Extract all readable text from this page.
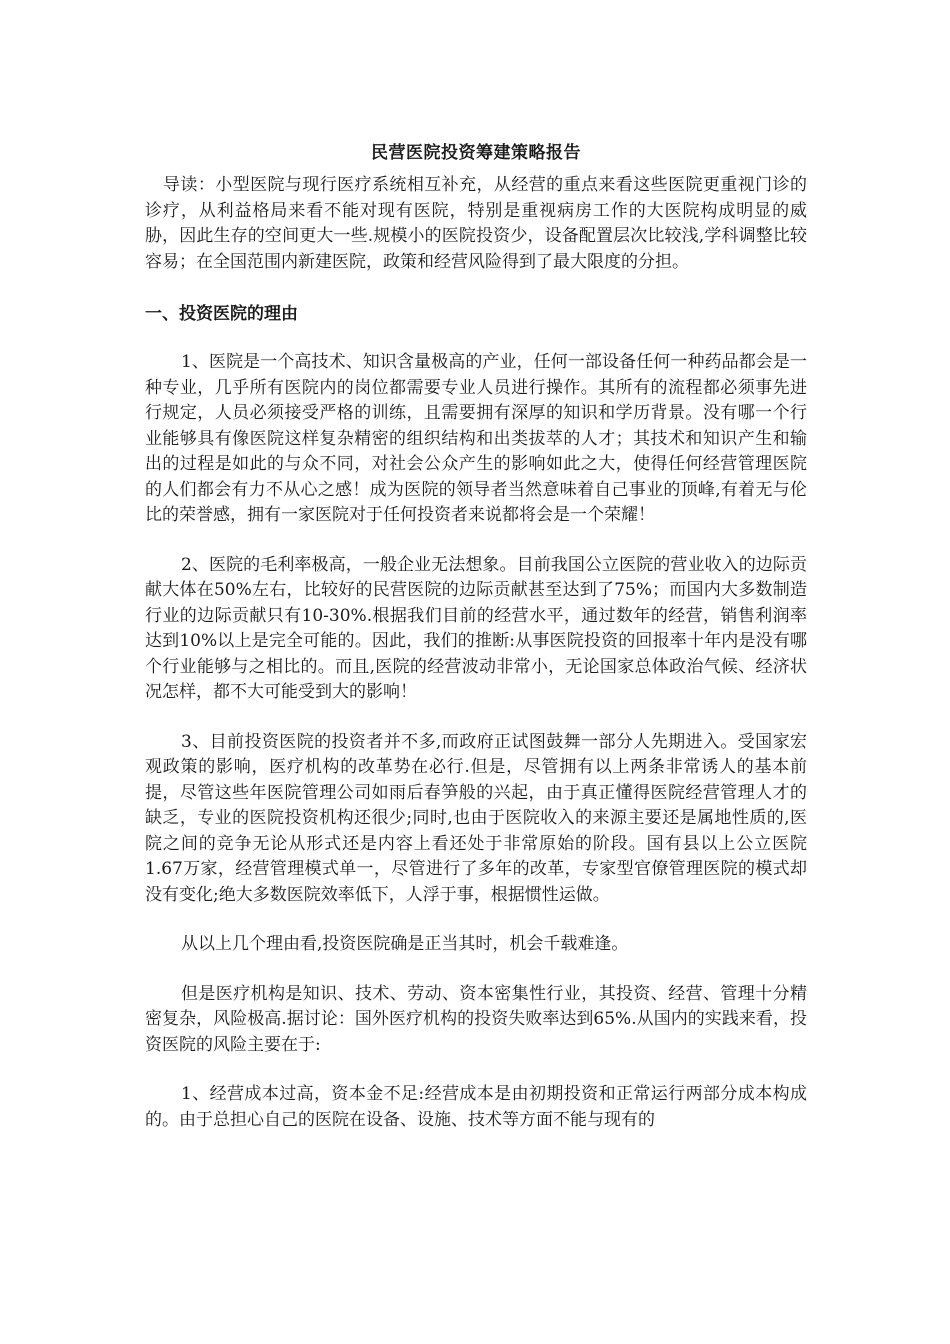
民营医院投资筹建策略报告

导读：小型医院与现行医疗系统相互补充，从经营的重点来看这些医院更重视门诊的诊疗，从利益格局来看不能对现有医院，特别是重视病房工作的大医院构成明显的威胁，因此生存的空间更大一些.规模小的医院投资少，设备配置层次比较浅,学科调整比较容易；在全国范围内新建医院，政策和经营风险得到了最大限度的分担。

一、投资医院的理由

1、医院是一个高技术、知识含量极高的产业，任何一部设备任何一种药品都会是一种专业，几乎所有医院内的岗位都需要专业人员进行操作。其所有的流程都必须事先进行规定，人员必须接受严格的训练，且需要拥有深厚的知识和学历背景。没有哪一个行业能够具有像医院这样复杂精密的组织结构和出类拔萃的人才；其技术和知识产生和输出的过程是如此的与众不同，对社会公众产生的影响如此之大，使得任何经营管理医院的人们都会有力不从心之感！成为医院的领导者当然意味着自己事业的顶峰,有着无与伦比的荣誉感，拥有一家医院对于任何投资者来说都将会是一个荣耀！

2、医院的毛利率极高，一般企业无法想象。目前我国公立医院的营业收入的边际贡献大体在50%左右，比较好的民营医院的边际贡献甚至达到了75%；而国内大多数制造行业的边际贡献只有10-30%.根据我们目前的经营水平，通过数年的经营，销售利润率达到10%以上是完全可能的。因此，我们的推断:从事医院投资的回报率十年内是没有哪个行业能够与之相比的。而且,医院的经营波动非常小，无论国家总体政治气候、经济状况怎样，都不大可能受到大的影响！

3、目前投资医院的投资者并不多,而政府正试图鼓舞一部分人先期进入。受国家宏观政策的影响，医疗机构的改革势在必行.但是，尽管拥有以上两条非常诱人的基本前提，尽管这些年医院管理公司如雨后春笋般的兴起，由于真正懂得医院经营管理人才的缺乏，专业的医院投资机构还很少;同时,也由于医院收入的来源主要还是属地性质的,医院之间的竞争无论从形式还是内容上看还处于非常原始的阶段。国有县以上公立医院1.67万家，经营管理模式单一，尽管进行了多年的改革，专家型官僚管理医院的模式却没有变化;绝大多数医院效率低下，人浮于事，根据惯性运做。

从以上几个理由看,投资医院确是正当其时，机会千载难逢。

但是医疗机构是知识、技术、劳动、资本密集性行业，其投资、经营、管理十分精密复杂，风险极高.据讨论：国外医疗机构的投资失败率达到65%.从国内的实践来看，投资医院的风险主要在于:

1、经营成本过高，资本金不足:经营成本是由初期投资和正常运行两部分成本构成的。由于总担心自己的医院在设备、设施、技术等方面不能与现有的
